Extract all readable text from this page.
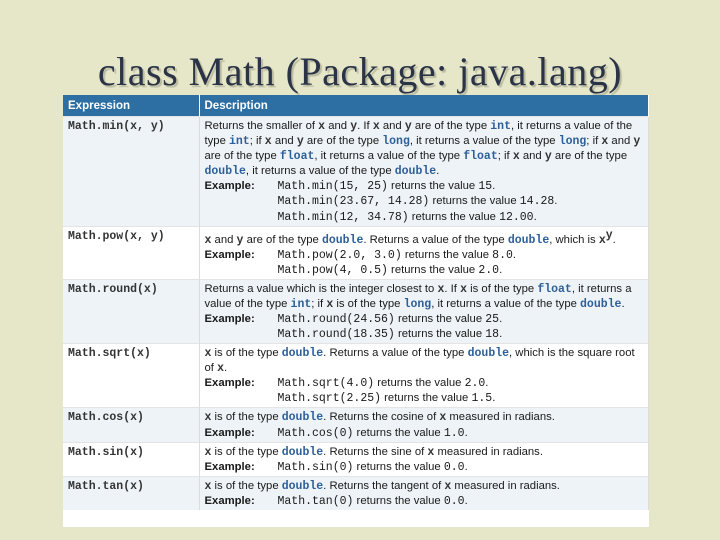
class Math (Package: java.lang)
Expression	Description
Math.min(x, y)	Returns the smaller of x and y. If x and y are of the type int, it returns a value of the type int; if x and y are of the type long, it returns a value of the type long; if x and y are of the type float, it returns a value of the type float; if x and y are of the type double, it returns a value of the type double.
Example: Math.min(15, 25) returns the value 15.
Math.min(23.67, 14.28) returns the value 14.28.
Math.min(12, 34.78) returns the value 12.00.

Math.pow(x, y)	x and y are of the type double. Returns a value of the type double, which is $x^y$.
Example: Math.pow(2.0, 3.0) returns the value 8.0.
Math.pow(4, 0.5) returns the value 2.0.

Math.round(x)	Returns a value which is the integer closest to x. If x is of the type float, it returns a value of the type int; if x is of the type long, it returns a value of the type double.
Example: Math.round(24.56) returns the value 25.
Math.round(18.35) returns the value 18.

Math.sqrt(x)	x is of the type double. Returns a value of the type double, which is the square root of x.
Example: Math.sqrt(4.0) returns the value 2.0.
Math.sqrt(2.25) returns the value 1.5.

Math.cos(x)	x is of the type double. Returns the cosine of x measured in radians.
Example: Math.cos(0) returns the value 1.0.

Math.sin(x)	x is of the type double. Returns the sine of x measured in radians.
Example: Math.sin(0) returns the value 0.0.

Math.tan(x)	x is of the type double. Returns the tangent of x measured in radians.
Example: Math.tan(0) returns the value 0.0.
